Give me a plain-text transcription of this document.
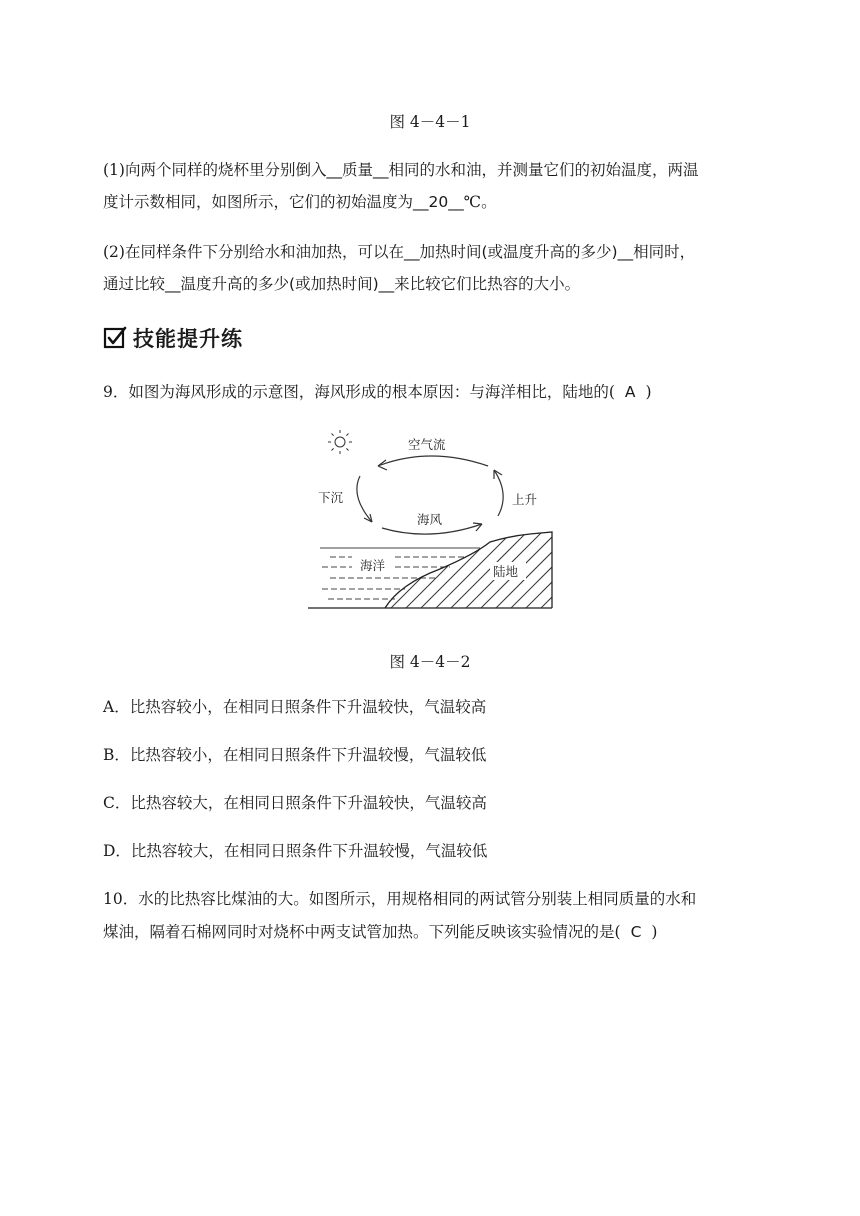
图 4－4－1
(1)向两个同样的烧杯里分别倒入__质量__相同的水和油，并测量它们的初始温度，两温
度计示数相同，如图所示，它们的初始温度为__20__℃。
(2)在同样条件下分别给水和油加热，可以在__加热时间(或温度升高的多少)__相同时，
通过比较__温度升高的多少(或加热时间)__来比较它们比热容的大小。
技能提升练
9．如图为海风形成的示意图，海风形成的根本原因：与海洋相比，陆地的( A )
空气流
下沉	上升
海风
海洋	陆地
图 4－4－2
A．比热容较小，在相同日照条件下升温较快，气温较高
B．比热容较小，在相同日照条件下升温较慢，气温较低
C．比热容较大，在相同日照条件下升温较快，气温较高
D．比热容较大，在相同日照条件下升温较慢，气温较低
10．水的比热容比煤油的大。如图所示，用规格相同的两试管分别装上相同质量的水和
煤油，隔着石棉网同时对烧杯中两支试管加热。下列能反映该实验情况的是( C )
